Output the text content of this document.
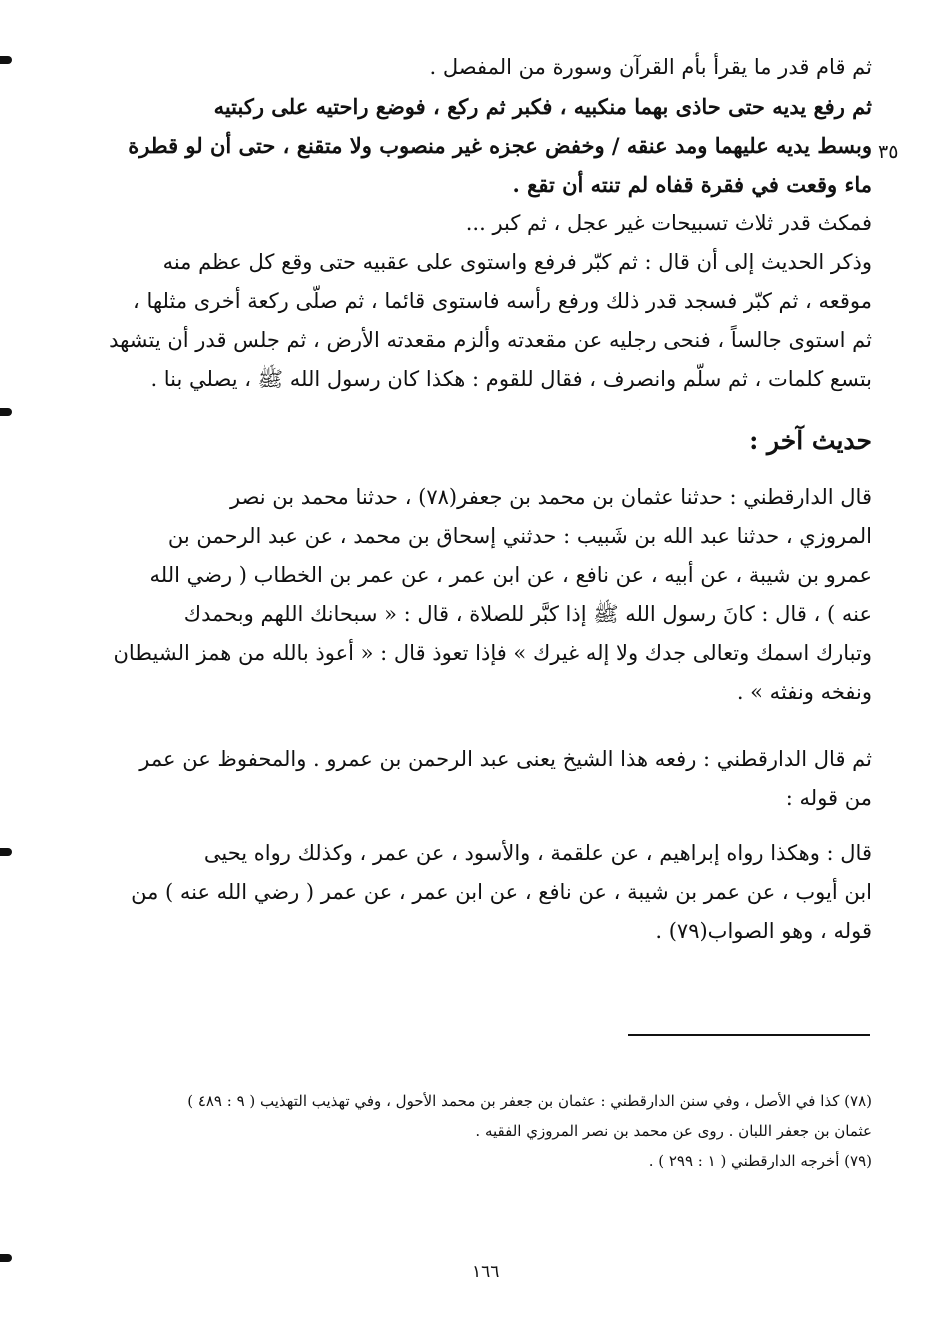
٣٥
ثم قام قدر ما يقرأ بأم القرآن وسورة من المفصل .
ثم رفع يديه حتى حاذى بهما منكبيه ، فكبر ثم ركع ، فوضع راحتيه على ركبتيه
وبسط يديه عليهما ومد عنقه / وخفض عجزه غير منصوب ولا متقنع ، حتى أن لو قطرة
ماء وقعت في فقرة قفاه لم تنته أن تقع .
فمكث قدر ثلاث تسبيحات غير عجل ، ثم كبر ...
وذكر الحديث إلى أن قال : ثم كبّر فرفع واستوى على عقبيه حتى وقع كل عظم منه
موقعه ، ثم كبّر فسجد قدر ذلك ورفع رأسه فاستوى قائما ، ثم صلّى ركعة أخرى مثلها ،
ثم استوى جالساً ، فنحى رجليه عن مقعدته وألزم مقعدته الأرض ، ثم جلس قدر أن يتشهد
بتسع كلمات ، ثم سلّم وانصرف ، فقال للقوم : هكذا كان رسول الله ﷺ ، يصلي بنا .
حديث آخر :
قال الدارقطني : حدثنا عثمان بن محمد بن جعفر(٧٨) ، حدثنا محمد بن نصر
المروزي ، حدثنا عبد الله بن شَبيب : حدثني إسحاق بن محمد ، عن عبد الرحمن بن
عمرو بن شيبة ، عن أبيه ، عن نافع ، عن ابن عمر ، عن عمر بن الخطاب ( رضي الله
عنه ) ، قال : كانَ رسول الله ﷺ إذا كبَّر للصلاة ، قال : « سبحانك اللهم وبحمدك
وتبارك اسمك وتعالى جدك ولا إله غيرك » فإذا تعوذ قال : « أعوذ بالله من همز الشيطان
ونفخه ونفثه » .
ثم قال الدارقطني : رفعه هذا الشيخ يعنى عبد الرحمن بن عمرو . والمحفوظ عن عمر
من قوله :
قال : وهكذا رواه إبراهيم ، عن علقمة ، والأسود ، عن عمر ، وكذلك رواه يحيى
ابن أيوب ، عن عمر بن شيبة ، عن نافع ، عن ابن عمر ، عن عمر ( رضي الله عنه ) من
قوله ، وهو الصواب(٧٩) .
(٧٨) كذا في الأصل ، وفي سنن الدارقطني : عثمان بن جعفر بن محمد الأحول ، وفي تهذيب التهذيب ( ٩ : ٤٨٩ )
عثمان بن جعفر اللبان . روى عن محمد بن نصر المروزي الفقيه .
(٧٩) أخرجه الدارقطني ( ١ : ٢٩٩ ) .
١٦٦
